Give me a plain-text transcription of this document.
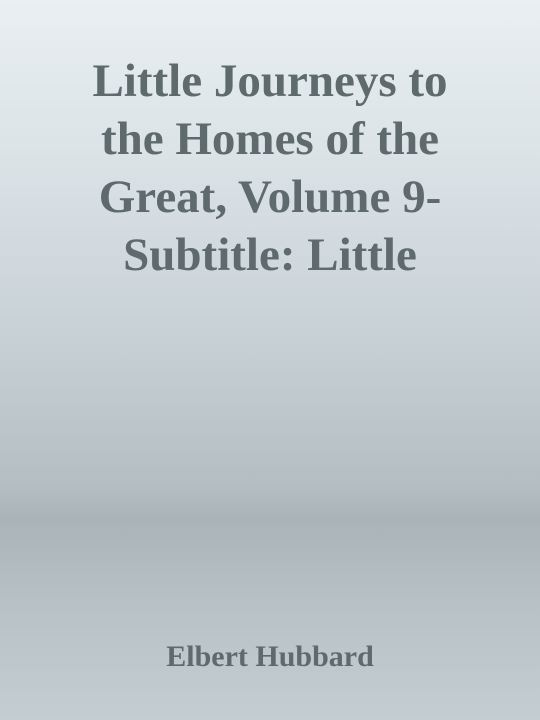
Little Journeys to
the Homes of the
Great, Volume 9-
Subtitle: Little
Elbert Hubbard
